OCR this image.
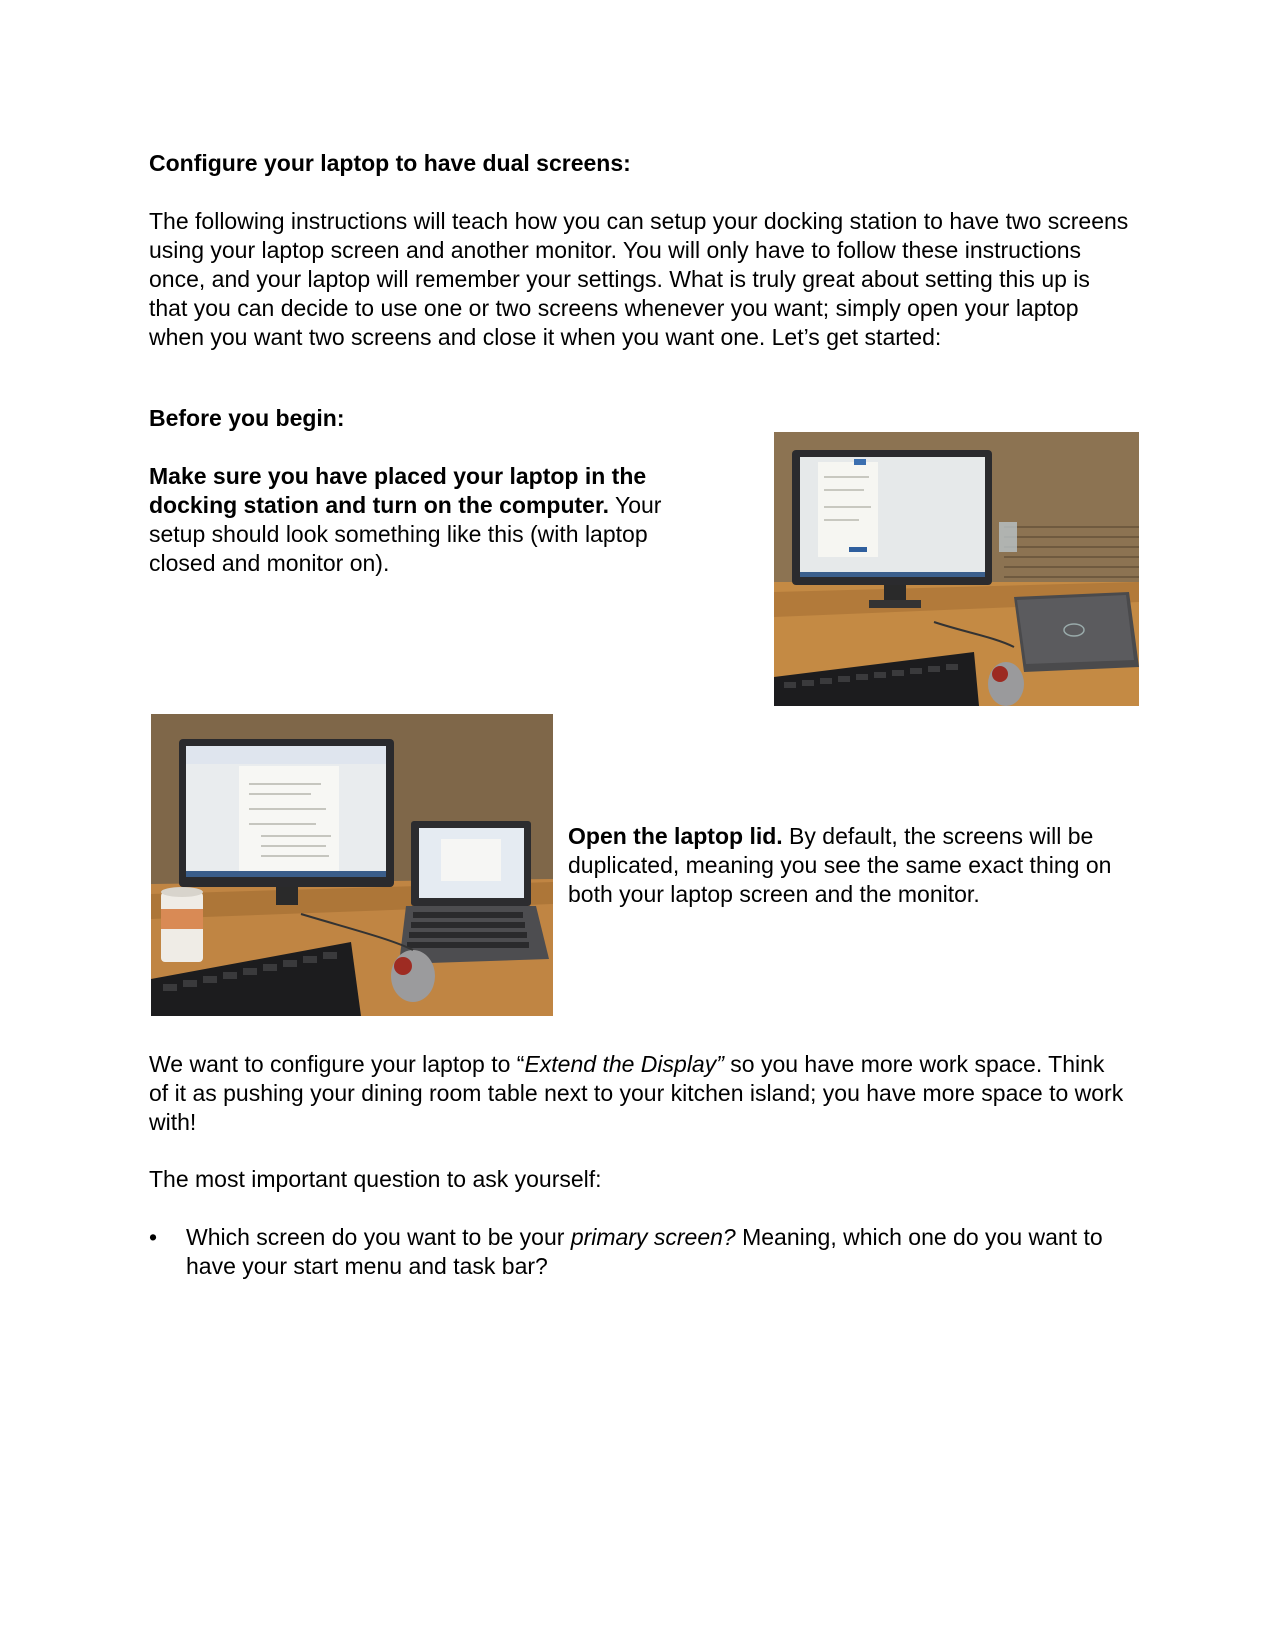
Configure your laptop to have dual screens:

The following instructions will teach how you can setup your docking station to have two screens using your laptop screen and another monitor. You will only have to follow these instructions once, and your laptop will remember your settings. What is truly great about setting this up is that you can decide to use one or two screens whenever you want; simply open your laptop when you want two screens and close it when you want one. Let’s get started:

Before you begin:

Make sure you have placed your laptop in the docking station and turn on the computer. Your setup should look something like this (with laptop closed and monitor on).

Open the laptop lid. By default, the screens will be duplicated, meaning you see the same exact thing on both your laptop screen and the monitor.

We want to configure your laptop to “Extend the Display” so you have more work space. Think of it as pushing your dining room table next to your kitchen island; you have more space to work with!

The most important question to ask yourself:

•	Which screen do you want to be your primary screen? Meaning, which one do you want to have your start menu and task bar?
